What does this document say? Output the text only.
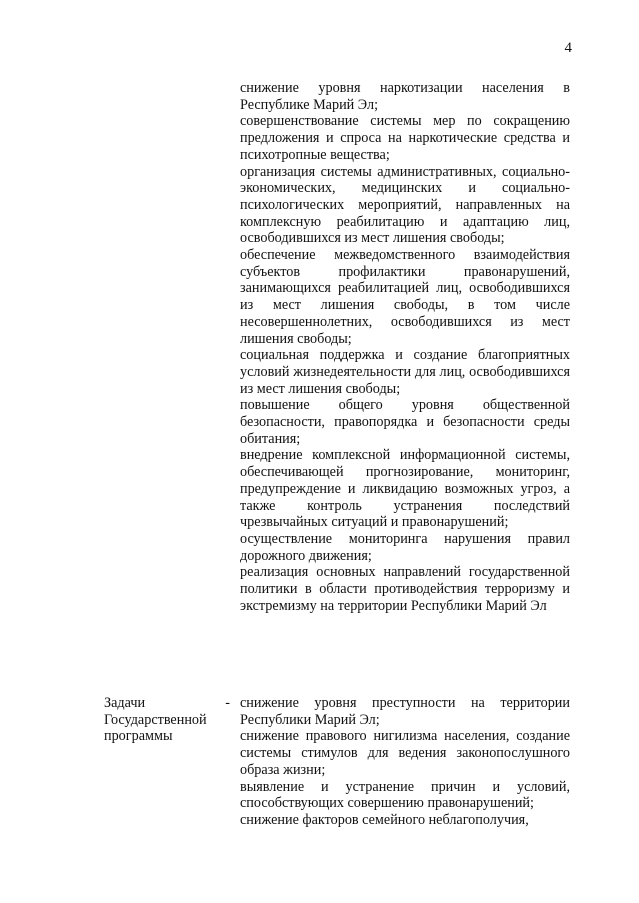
4
снижение уровня наркотизации населения в Республике Марий Эл;
совершенствование системы мер по сокращению предложения и спроса на наркотические средства и психотропные вещества;
организация системы административных, социально-экономических, медицинских и социально-психологических мероприятий, направленных на комплексную реабилитацию и адаптацию лиц, освободившихся из мест лишения свободы;
обеспечение межведомственного взаимодействия субъектов профилактики правонарушений, занимающихся реабилитацией лиц, освободившихся из мест лишения свободы, в том числе несовершеннолетних, освободившихся из мест лишения свободы;
социальная поддержка и создание благоприятных условий жизнедеятельности для лиц, освободившихся из мест лишения свободы;
повышение общего уровня общественной безопасности, правопорядка и безопасности среды обитания;
внедрение комплексной информационной системы, обеспечивающей прогнозирование, мониторинг, предупреждение и ликвидацию возможных угроз, а также контроль устранения последствий чрезвычайных ситуаций и правонарушений;
осуществление мониторинга нарушения правил дорожного движения;
реализация основных направлений государственной политики в области противодействия терроризму и экстремизму на территории Республики Марий Эл
Задачи
Государственной
программы
- снижение уровня преступности на территории Республики Марий Эл;
снижение правового нигилизма населения, создание системы стимулов для ведения законопослушного образа жизни;
выявление и устранение причин и условий, способствующих совершению правонарушений;
снижение факторов семейного неблагополучия,
